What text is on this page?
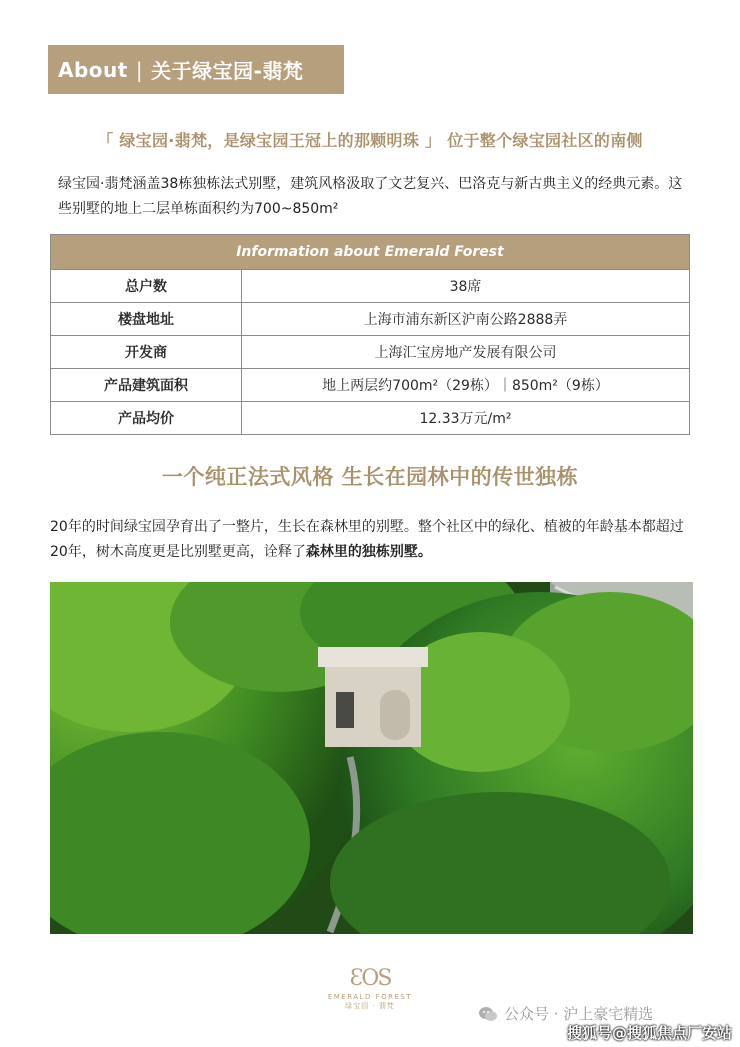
About | 关于绿宝园-翡梵
「 绿宝园·翡梵，是绿宝园王冠上的那颗明珠 」 位于整个绿宝园社区的南侧
绿宝园·翡梵涵盖38栋独栋法式别墅，建筑风格汲取了文艺复兴、巴洛克与新古典主义的经典元素。这些别墅的地上二层单栋面积约为700~850m²
Information about Emerald Forest	
总户数	38席
楼盘地址	上海市浦东新区沪南公路2888弄
开发商	上海汇宝房地产发展有限公司
产品建筑面积	地上两层约700m²（29栋）｜850m²（9栋）
产品均价	12.33万元/m²
一个纯正法式风格 生长在园林中的传世独栋
20年的时间绿宝园孕育出了一整片，生长在森林里的别墅。整个社区中的绿化、植被的年龄基本都超过20年，树木高度更是比别墅更高，诠释了森林里的独栋别墅。
ƐOS
EMERALD FOREST
绿宝园 · 翡梵	公众号 · 沪上豪宅精选
搜狐号@搜狐焦点厂安站
